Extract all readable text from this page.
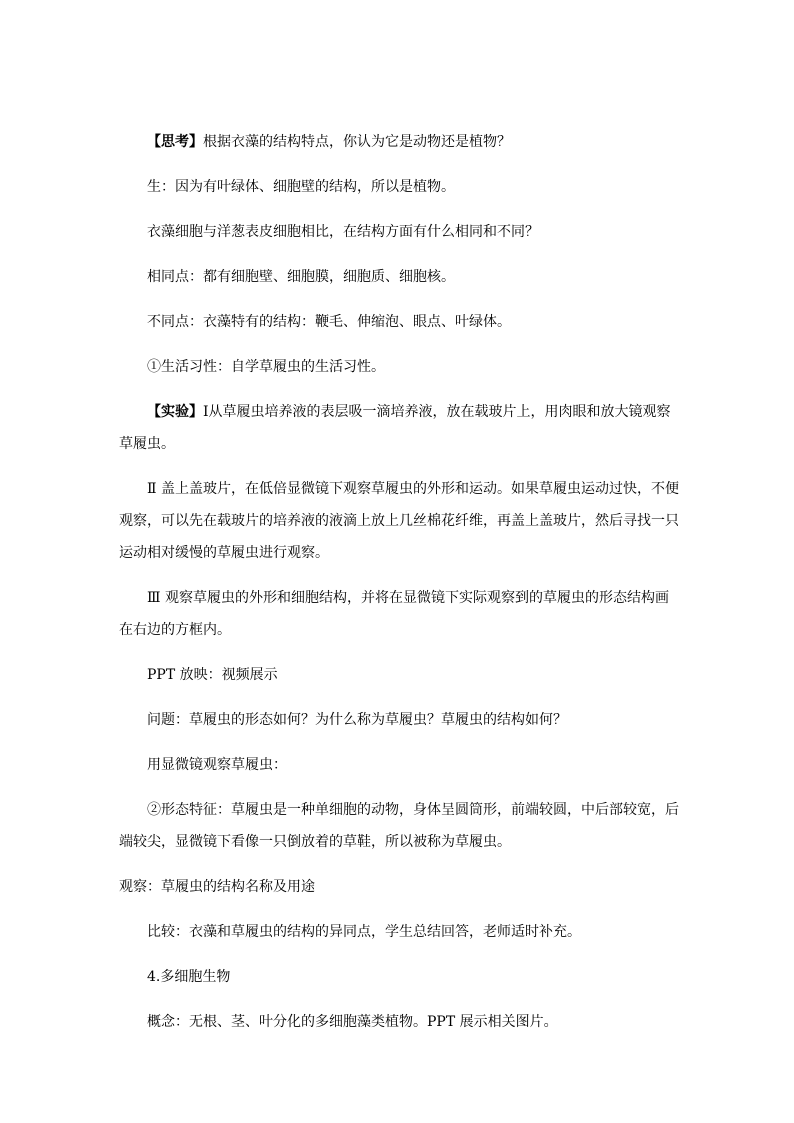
【思考】根据衣藻的结构特点，你认为它是动物还是植物？

生：因为有叶绿体、细胞壁的结构，所以是植物。

衣藻细胞与洋葱表皮细胞相比，在结构方面有什么相同和不同？

相同点：都有细胞壁、细胞膜，细胞质、细胞核。

不同点：衣藻特有的结构：鞭毛、伸缩泡、眼点、叶绿体。

①生活习性：自学草履虫的生活习性。

【实验】Ⅰ从草履虫培养液的表层吸一滴培养液，放在载玻片上，用肉眼和放大镜观察草履虫。

Ⅱ 盖上盖玻片，在低倍显微镜下观察草履虫的外形和运动。如果草履虫运动过快，不便观察，可以先在载玻片的培养液的液滴上放上几丝棉花纤维，再盖上盖玻片，然后寻找一只运动相对缓慢的草履虫进行观察。

Ⅲ 观察草履虫的外形和细胞结构，并将在显微镜下实际观察到的草履虫的形态结构画在右边的方框内。

PPT 放映：视频展示

问题：草履虫的形态如何？为什么称为草履虫？草履虫的结构如何？

用显微镜观察草履虫：

②形态特征：草履虫是一种单细胞的动物，身体呈圆筒形，前端较圆，中后部较宽，后端较尖，显微镜下看像一只倒放着的草鞋，所以被称为草履虫。

观察：草履虫的结构名称及用途

比较：衣藻和草履虫的结构的异同点，学生总结回答，老师适时补充。

4.多细胞生物

概念：无根、茎、叶分化的多细胞藻类植物。PPT 展示相关图片。
